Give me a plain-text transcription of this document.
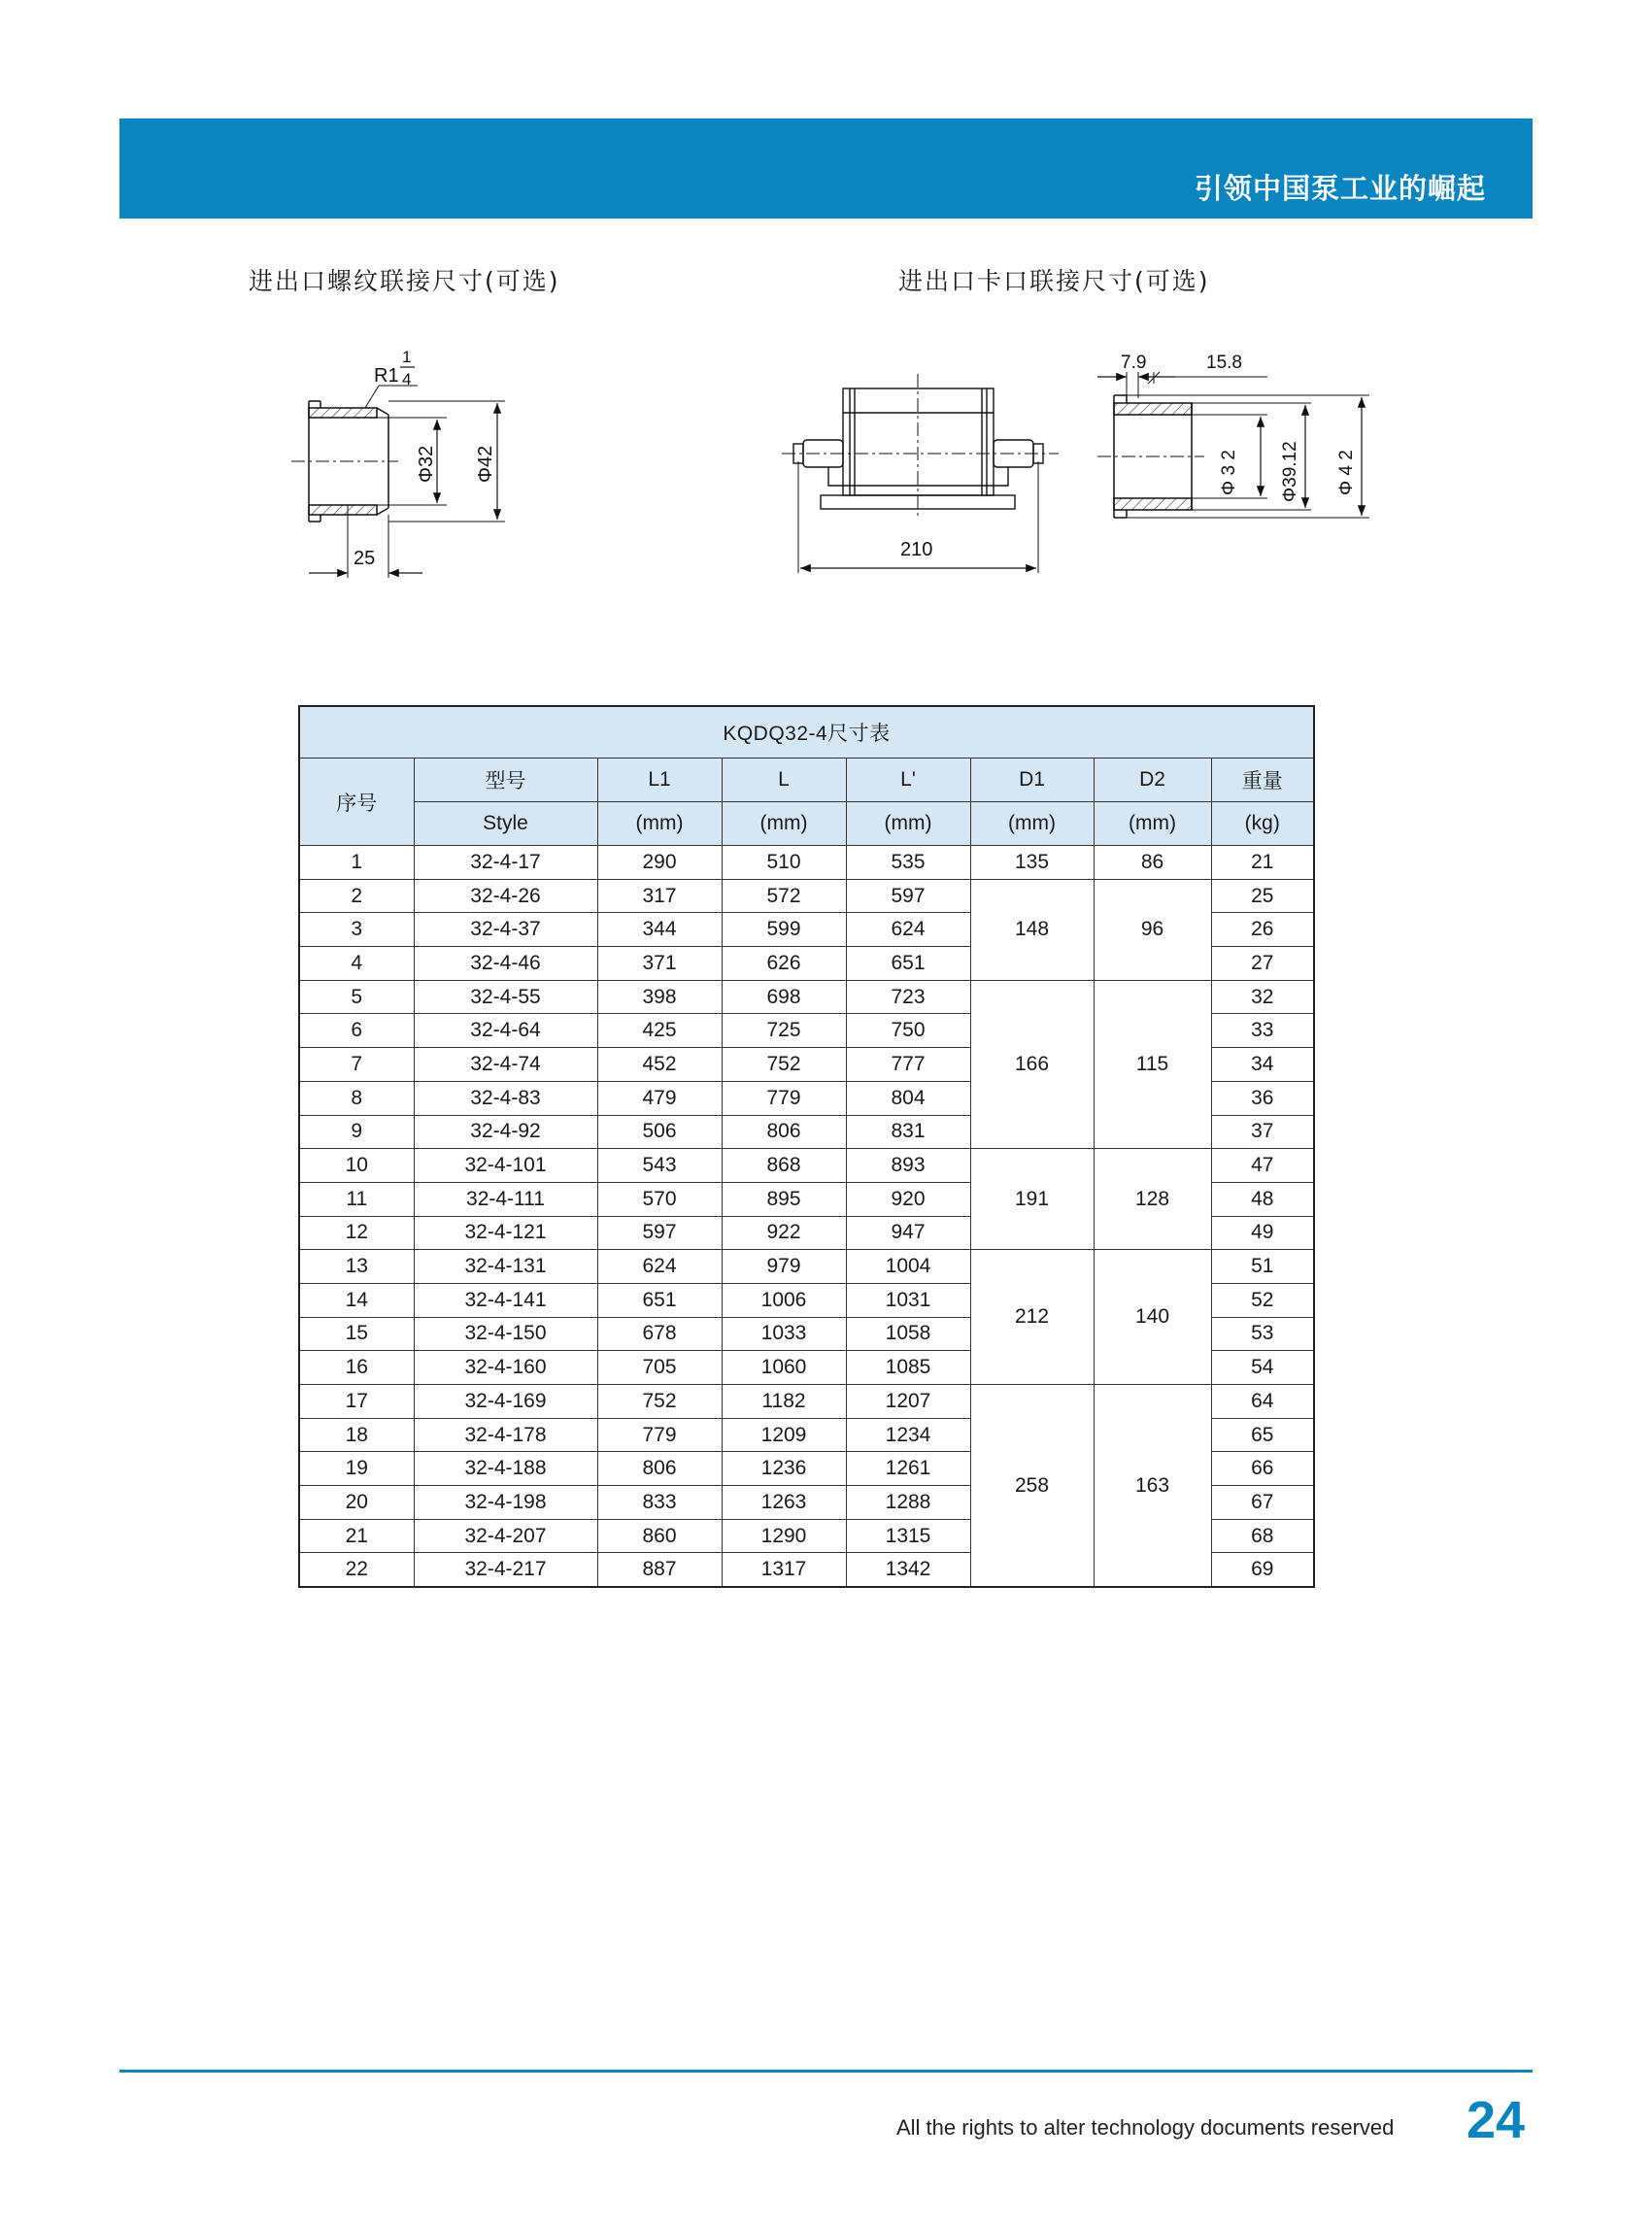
引领中国泵工业的崛起
进出口螺纹联接尺寸(可选)	进出口卡口联接尺寸(可选)
R1
1
4
Φ32 Φ42
25	210
7.9	15.8
Φ 3 2 Φ39.12 Φ 4 2
KQDQ32-4尺寸表							
序号	型号	L1	L	L'	D1	D2	重量
	Style	(mm)	(mm)	(mm)	(mm)	(mm)	(kg)
1	32-4-17	290	510	535	135	86	21
2	32-4-26	317	572	597	148	96	25
3	32-4-37	344	599	624			26
4	32-4-46	371	626	651			27
5	32-4-55	398	698	723	166	115	32
6	32-4-64	425	725	750			33
7	32-4-74	452	752	777			34
8	32-4-83	479	779	804			36
9	32-4-92	506	806	831			37
10	32-4-101	543	868	893	191	128	47
11	32-4-111	570	895	920			48
12	32-4-121	597	922	947			49
13	32-4-131	624	979	1004	212	140	51
14	32-4-141	651	1006	1031			52
15	32-4-150	678	1033	1058			53
16	32-4-160	705	1060	1085			54
17	32-4-169	752	1182	1207	258	163	64
18	32-4-178	779	1209	1234			65
19	32-4-188	806	1236	1261			66
20	32-4-198	833	1263	1288			67
21	32-4-207	860	1290	1315			68
22	32-4-217	887	1317	1342			69
All the rights to alter technology documents reserved 24
